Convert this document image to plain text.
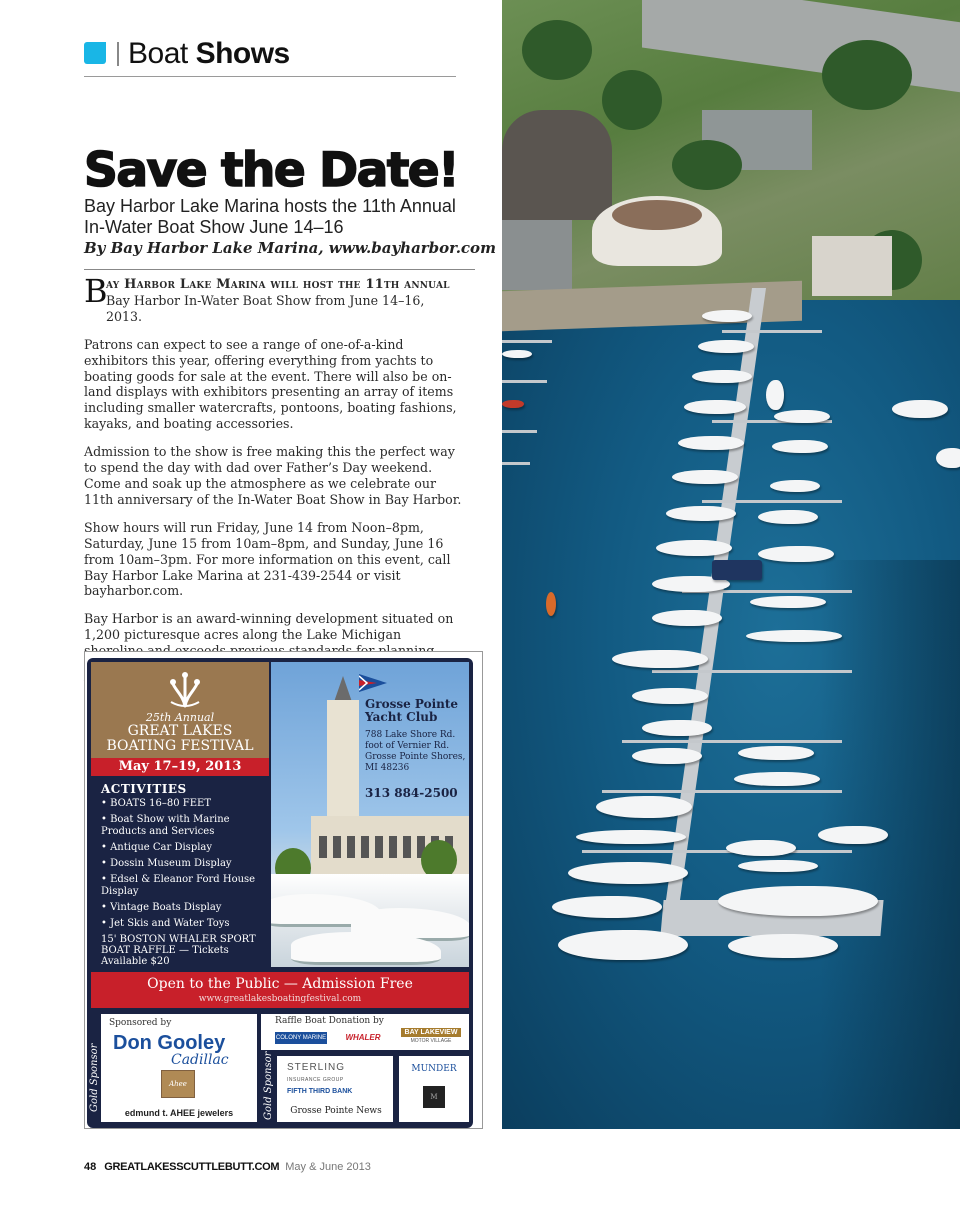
Boat Shows
Save the Date!
Bay Harbor Lake Marina hosts the 11th Annual In-Water Boat Show June 14–16
By Bay Harbor Lake Marina, www.bayharbor.com

B
ay Harbor Lake Marina will host the 11th annual Bay Harbor In-Water Boat Show from June 14–16, 2013.

Patrons can expect to see a range of one-of-a-kind exhibitors this year, offering everything from yachts to boating goods for sale at the event. There will also be on-land displays with exhibitors presenting an array of items including smaller watercrafts, pontoons, boating fashions, kayaks, and boating accessories.

Admission to the show is free making this the perfect way to spend the day with dad over Father’s Day weekend. Come and soak up the atmosphere as we celebrate our 11th anniversary of the In-Water Boat Show in Bay Harbor.

Show hours will run Friday, June 14 from Noon–8pm, Saturday, June 15 from 10am–8pm, and Sunday, June 16 from 10am–3pm. For more information on this event, call Bay Harbor Lake Marina at 231-439-2544 or visit bayharbor.com.

Bay Harbor is an award-winning development situated on 1,200 picturesque acres along the Lake Michigan

25th Annual
GREAT LAKES
BOATING FESTIVAL
May 17–19, 2013
Grosse Pointe
Yacht Club
788 Lake Shore Rd.
foot of Vernier Rd.
Grosse Pointe Shores,
MI 48236
313 884-2500
ACTIVITIES
• BOATS 16–80 FEET
• Boat Show with Marine Products and Services
• Antique Car Display
• Dossin Museum Display
• Edsel & Eleanor Ford House Display
• Vintage Boats Display
• Jet Skis and Water Toys
15' BOSTON WHALER SPORT BOAT RAFFLE — Tickets Available $20
Open to the Public — Admission Free
www.greatlakesboatingfestival.com
Gold Sponsor
Sponsored by
Don Gooley
Cadillac
Ahee
edmund t. AHEE jewelers	Gold Sponsor
Raffle Boat Donation by
COLONY MARINE	WHALER
BAY LAKEVIEW
MOTOR VILLAGE
STERLING
INSURANCE GROUP
FIFTH THIRD BANK
Grosse Pointe News
MUNDER
M
48 GREATLAKESSCUTTLEBUTT.COM May & June 2013
